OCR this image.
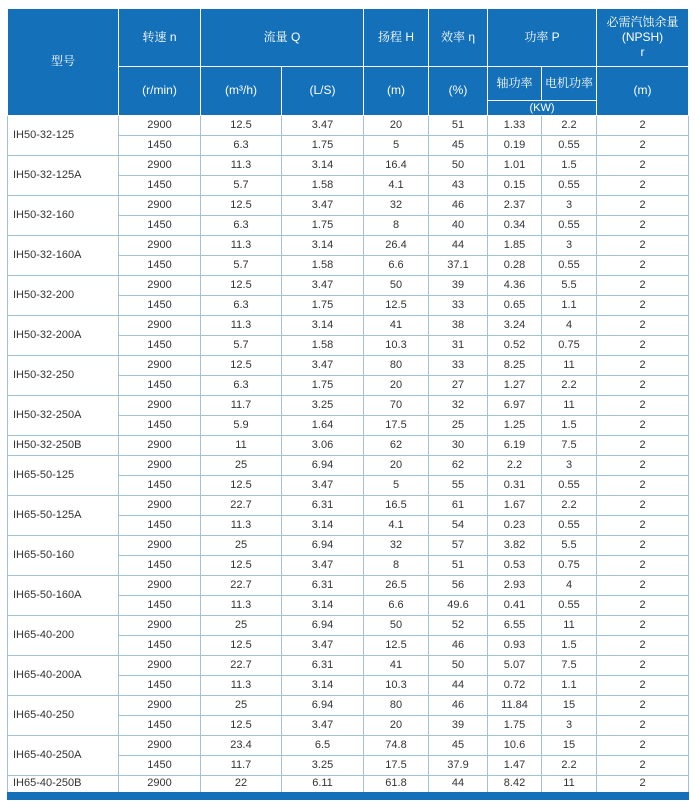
型号	转速 n	流量 Q		扬程 H	效率 η	功率 P		必需汽蚀余量
(NPSH)
r

	(r/min)	(m³/h)	(L/S)	(m)	(%)	轴功率	电机功率	(m)
						(KW)		
IH50-32-125	2900	12.5	3.47	20	51	1.33	2.2	2
	1450	6.3	1.75	5	45	0.19	0.55	2
IH50-32-125A	2900	11.3	3.14	16.4	50	1.01	1.5	2
	1450	5.7	1.58	4.1	43	0.15	0.55	2
IH50-32-160	2900	12.5	3.47	32	46	2.37	3	2
	1450	6.3	1.75	8	40	0.34	0.55	2
IH50-32-160A	2900	11.3	3.14	26.4	44	1.85	3	2
	1450	5.7	1.58	6.6	37.1	0.28	0.55	2
IH50-32-200	2900	12.5	3.47	50	39	4.36	5.5	2
	1450	6.3	1.75	12.5	33	0.65	1.1	2
IH50-32-200A	2900	11.3	3.14	41	38	3.24	4	2
	1450	5.7	1.58	10.3	31	0.52	0.75	2
IH50-32-250	2900	12.5	3.47	80	33	8.25	11	2
	1450	6.3	1.75	20	27	1.27	2.2	2
IH50-32-250A	2900	11.7	3.25	70	32	6.97	11	2
	1450	5.9	1.64	17.5	25	1.25	1.5	2
IH50-32-250B	2900	11	3.06	62	30	6.19	7.5	2
IH65-50-125	2900	25	6.94	20	62	2.2	3	2
	1450	12.5	3.47	5	55	0.31	0.55	2
IH65-50-125A	2900	22.7	6.31	16.5	61	1.67	2.2	2
	1450	11.3	3.14	4.1	54	0.23	0.55	2
IH65-50-160	2900	25	6.94	32	57	3.82	5.5	2
	1450	12.5	3.47	8	51	0.53	0.75	2
IH65-50-160A	2900	22.7	6.31	26.5	56	2.93	4	2
	1450	11.3	3.14	6.6	49.6	0.41	0.55	2
IH65-40-200	2900	25	6.94	50	52	6.55	11	2
	1450	12.5	3.47	12.5	46	0.93	1.5	2
IH65-40-200A	2900	22.7	6.31	41	50	5.07	7.5	2
	1450	11.3	3.14	10.3	44	0.72	1.1	2
IH65-40-250	2900	25	6.94	80	46	11.84	15	2
	1450	12.5	3.47	20	39	1.75	3	2
IH65-40-250A	2900	23.4	6.5	74.8	45	10.6	15	2
	1450	11.7	3.25	17.5	37.9	1.47	2.2	2
IH65-40-250B	2900	22	6.11	61.8	44	8.42	11	2
